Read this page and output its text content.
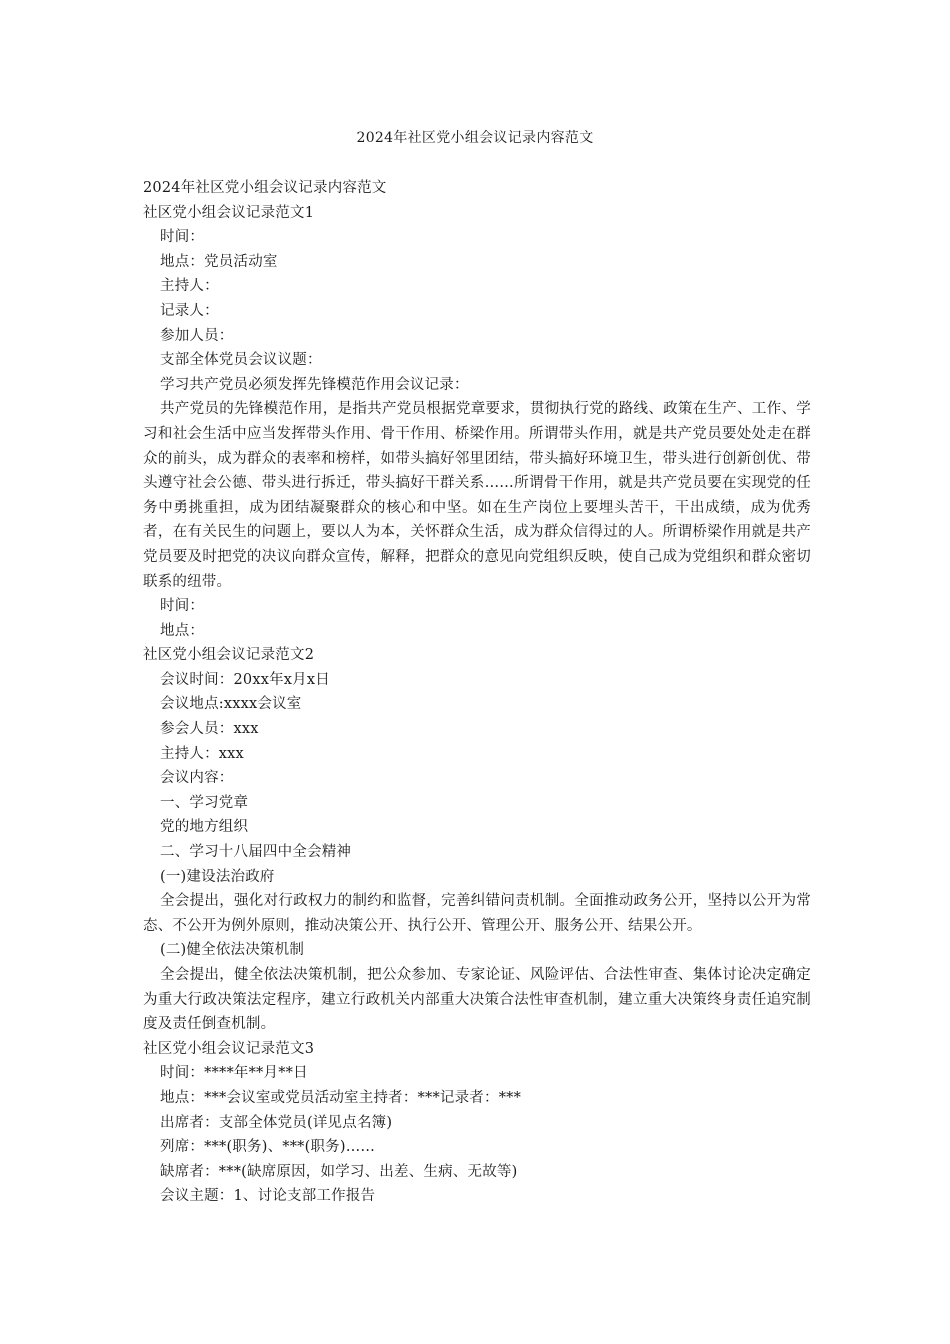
2024年社区党小组会议记录内容范文
2024年社区党小组会议记录内容范文
社区党小组会议记录范文1
时间：
地点：党员活动室
主持人：
记录人：
参加人员：
支部全体党员会议议题：
学习共产党员必须发挥先锋模范作用会议记录：
共产党员的先锋模范作用，是指共产党员根据党章要求，贯彻执行党的路线、政策在生产、工作、学习和社会生活中应当发挥带头作用、骨干作用、桥梁作用。所谓带头作用，就是共产党员要处处走在群众的前头，成为群众的表率和榜样，如带头搞好邻里团结，带头搞好环境卫生，带头进行创新创优、带头遵守社会公德、带头进行拆迁，带头搞好干群关系……所谓骨干作用，就是共产党员要在实现党的任务中勇挑重担，成为团结凝聚群众的核心和中坚。如在生产岗位上要埋头苦干，干出成绩，成为优秀者，在有关民生的问题上，要以人为本，关怀群众生活，成为群众信得过的人。所谓桥梁作用就是共产党员要及时把党的决议向群众宣传，解释，把群众的意见向党组织反映，使自己成为党组织和群众密切联系的纽带。
时间：
地点：
社区党小组会议记录范文2
会议时间：20xx年x月x日
会议地点:xxxx会议室
参会人员：xxx
主持人：xxx
会议内容：
一、学习党章
党的地方组织
二、学习十八届四中全会精神
(一)建设法治政府
全会提出，强化对行政权力的制约和监督，完善纠错问责机制。全面推动政务公开，坚持以公开为常态、不公开为例外原则，推动决策公开、执行公开、管理公开、服务公开、结果公开。
(二)健全依法决策机制
全会提出，健全依法决策机制，把公众参加、专家论证、风险评估、合法性审查、集体讨论决定确定为重大行政决策法定程序，建立行政机关内部重大决策合法性审查机制，建立重大决策终身责任追究制度及责任倒查机制。
社区党小组会议记录范文3
时间：****年**月**日
地点：***会议室或党员活动室主持者：***记录者：***
出席者：支部全体党员(详见点名簿)
列席：***(职务)、***(职务)……
缺席者：***(缺席原因，如学习、出差、生病、无故等)
会议主题：1、讨论支部工作报告
